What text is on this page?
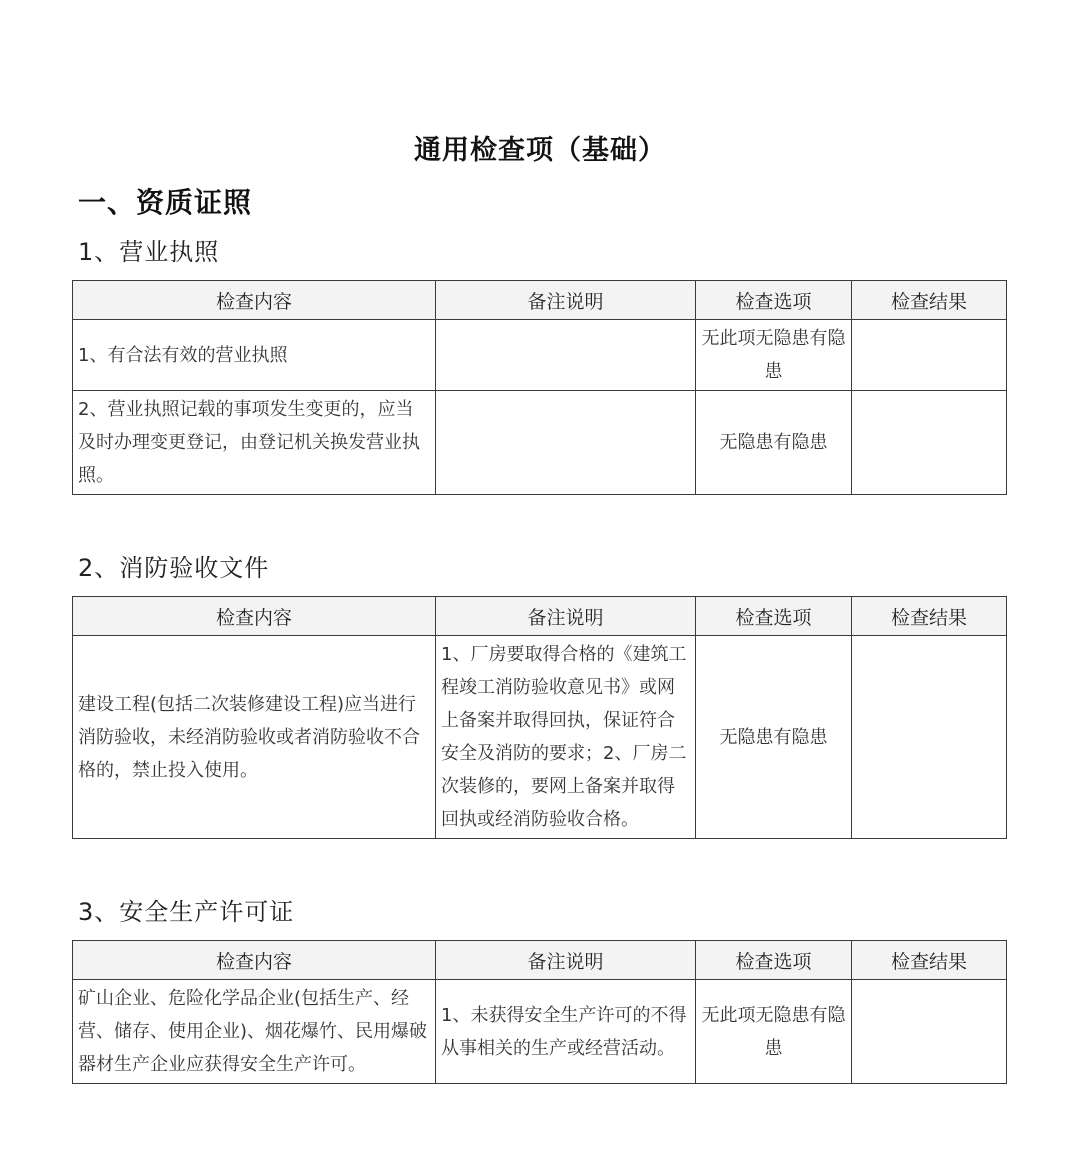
通用检查项（基础）
一、资质证照
1、营业执照
检查内容	备注说明	检查选项	检查结果
1、有合法有效的营业执照		无此项无隐患有隐患	
2、营业执照记载的事项发生变更的，应当及时办理变更登记，由登记机关换发营业执照。		无隐患有隐患	
2、消防验收文件
检查内容	备注说明	检查选项	检查结果
建设工程(包括二次装修建设工程)应当进行消防验收，未经消防验收或者消防验收不合格的，禁止投入使用。	1、厂房要取得合格的《建筑工程竣工消防验收意见书》或网上备案并取得回执，保证符合安全及消防的要求；2、厂房二次装修的，要网上备案并取得回执或经消防验收合格。	无隐患有隐患	
3、安全生产许可证
检查内容	备注说明	检查选项	检查结果
矿山企业、危险化学品企业(包括生产、经营、储存、使用企业)、烟花爆竹、民用爆破器材生产企业应获得安全生产许可。	1、未获得安全生产许可的不得从事相关的生产或经营活动。	无此项无隐患有隐患	
